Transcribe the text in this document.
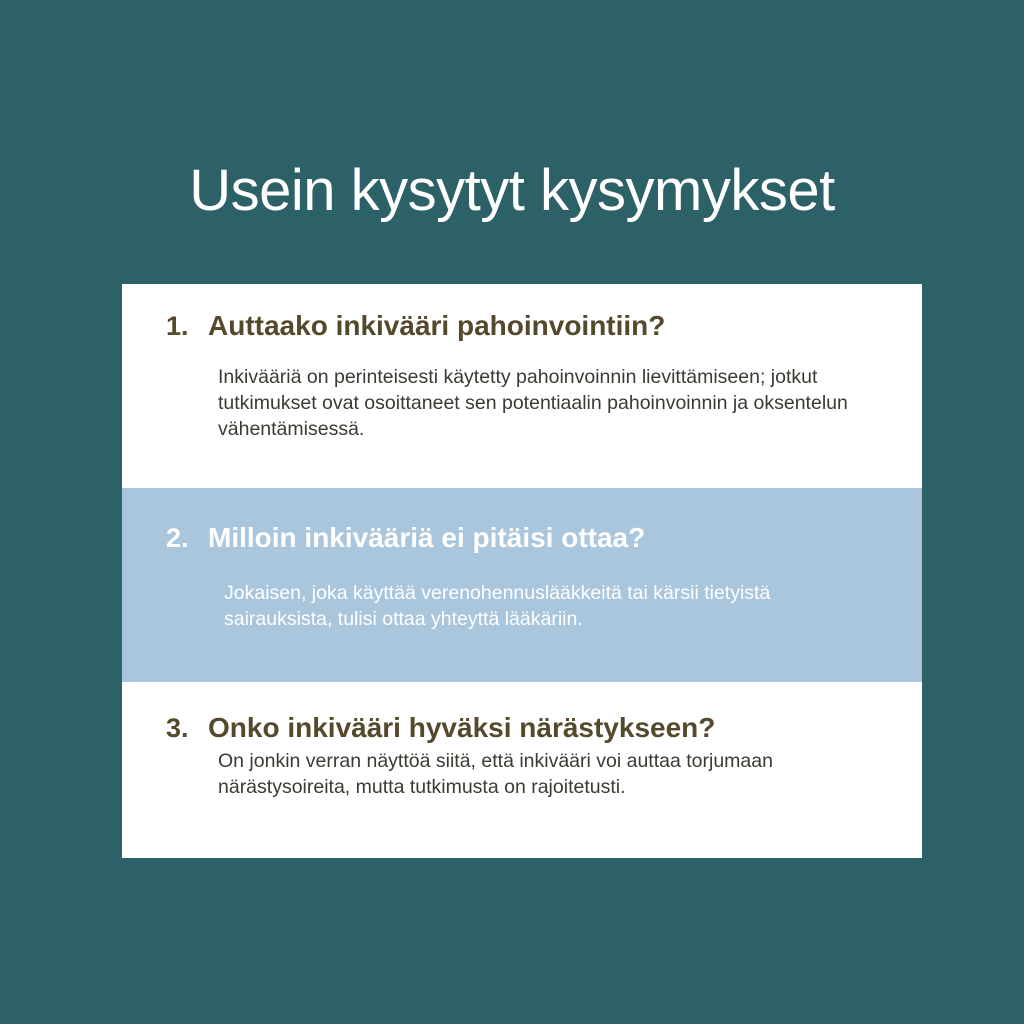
Usein kysytyt kysymykset
1. Auttaako inkivääri pahoinvointiin?

Inkivääriä on perinteisesti käytetty pahoinvoinnin lievittämiseen; jotkut tutkimukset ovat osoittaneet sen potentiaalin pahoinvoinnin ja oksentelun vähentämisessä.

2. Milloin inkivääriä ei pitäisi ottaa?

Jokaisen, joka käyttää verenohennuslääkkeitä tai kärsii tietyistä sairauksista, tulisi ottaa yhteyttä lääkäriin.

3. Onko inkivääri hyväksi närästykseen?

On jonkin verran näyttöä siitä, että inkivääri voi auttaa torjumaan närästysoireita, mutta tutkimusta on rajoitetusti.
